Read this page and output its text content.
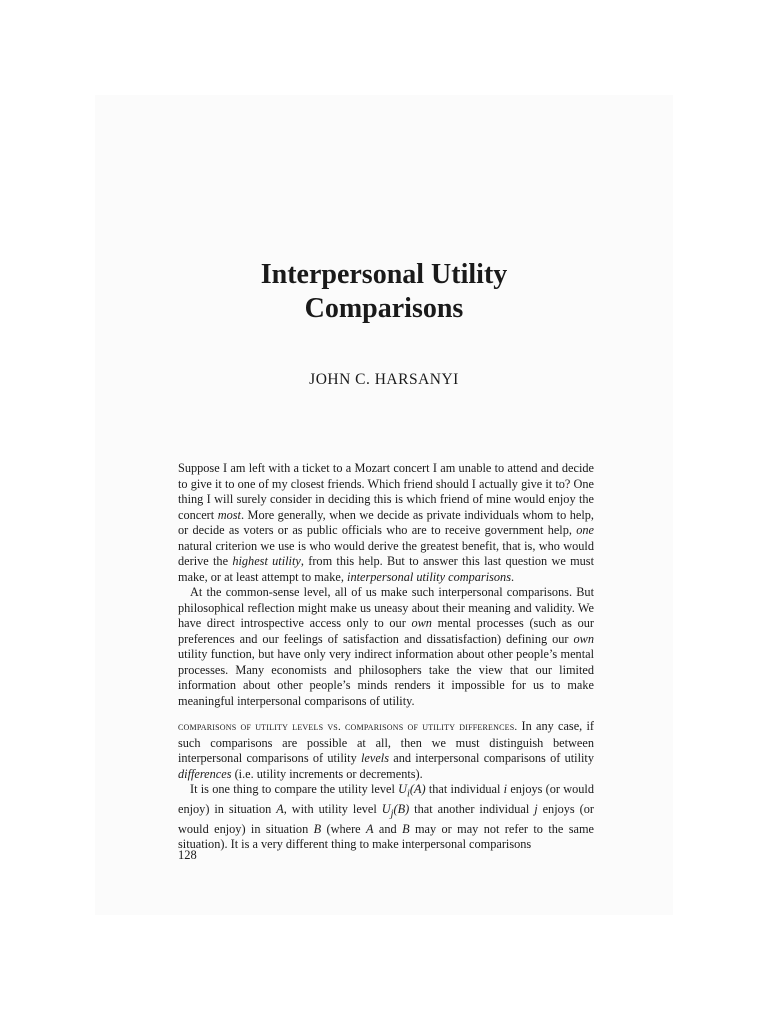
Interpersonal Utility
Comparisons
JOHN C. HARSANYI

Suppose I am left with a ticket to a Mozart concert I am unable to attend and decide to give it to one of my closest friends. Which friend should I actually give it to? One thing I will surely consider in deciding this is which friend of mine would enjoy the concert most. More generally, when we decide as private individuals whom to help, or decide as voters or as public officials who are to receive government help, one natural criterion we use is who would derive the greatest benefit, that is, who would derive the highest utility, from this help. But to answer this last question we must make, or at least attempt to make, interpersonal utility comparisons.

At the common-sense level, all of us make such interpersonal comparisons. But philosophical reflection might make us uneasy about their meaning and validity. We have direct introspective access only to our own mental processes (such as our preferences and our feelings of satisfaction and dissatisfaction) defining our own utility function, but have only very indirect information about other people’s mental processes. Many economists and philosophers take the view that our limited information about other people’s minds renders it impossible for us to make meaningful interpersonal comparisons of utility.

comparisons of utility levels vs. comparisons of utility differences. In any case, if such comparisons are possible at all, then we must distinguish between interpersonal comparisons of utility levels and interpersonal comparisons of utility differences (i.e. utility increments or decrements).

It is one thing to compare the utility level $U_i(A)$ that individual i enjoys (or would enjoy) in situation A, with utility level $U_j(B)$ that another individual j enjoys (or would enjoy) in situation B (where A and B may or may not refer to the same situation). It is a very different thing to make interpersonal comparisons

128
